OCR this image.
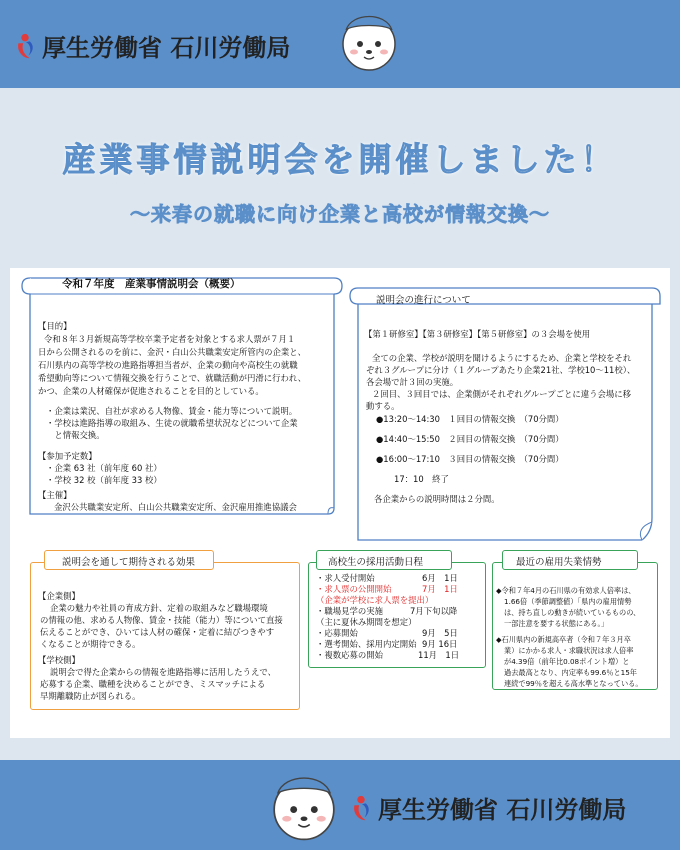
厚生労働省 石川労働局
産業事情説明会を開催しました！
～来春の就職に向け企業と高校が情報交換～
令和７年度　産業事情説明会（概要）
【目的】
令和８年３月新規高等学校卒業予定者を対象とする求人票が７月１
日から公開されるのを前に、金沢・白山公共職業安定所管内の企業と、
石川県内の高等学校の進路指導担当者が、企業の動向や高校生の就職
希望動向等について情報交換を行うことで、就職活動が円滑に行われ、
かつ、企業の人材確保が促進されることを目的としている。
・企業は業況、自社が求める人物像、賃金・能力等について説明。
・学校は進路指導の取組み、生徒の就職希望状況などについて企業
　と情報交換。
【参加予定数】
・企業 63 社（前年度 60 社）
・学校 32 校（前年度 33 校）
【主催】
金沢公共職業安定所、白山公共職業安定所、金沢雇用推進協議会
説明会の進行について
【第１研修室】【第３研修室】【第５研修室】の３会場を使用
全ての企業、学校が説明を聞けるようにするため、企業と学校をそれ
ぞれ３グループに分け（１グループあたり企業21社、学校10～11校）、
各会場で計３回の実施。
２回目、３回目では、企業側がそれぞれグループごとに違う会場に移
動する。
●13:20～14:30　１回目の情報交換　（70分間）
●14:40～15:50　２回目の情報交換　（70分間）
●16:00～17:10　３回目の情報交換　（70分間）
17：10　終了
各企業からの説明時間は２分間。
説明会を通して期待される効果
【企業側】
企業の魅力や社員の育成方針、定着の取組みなど職場環境
の情報の他、求める人物像、賃金・技能（能力）等について直接
伝えることができ、ひいては人材の確保・定着に結びつきやす
くなることが期待できる。
【学校側】
説明会で得た企業からの情報を進路指導に活用したうえで、
応募する企業、職種を決めることができ、ミスマッチによる
早期離職防止が図られる。
高校生の採用活動日程
・求人受付開始	6月　1日
・求人票の公開開始	7月　1日
（企業が学校に求人票を提出）
・職場見学の実施	7月下旬以降
（主に夏休み期間を想定）
・応募開始	9月　5日
・選考開始、採用内定開始 9月 16日
・複数応募の開始	11月　1日
最近の雇用失業情勢
◆令和７年4月の石川県の有効求人倍率は、
1.66倍（季節調整値）「県内の雇用情勢
は、持ち直しの動きが続いているものの、
一部注意を要する状態にある。」
◆石川県内の新規高卒者（令和７年３月卒
業）にかかる求人・求職状況は求人倍率
が4.39倍（前年比0.08ポイント増）と
過去最高となり、内定率も99.6％と15年
連続で99％を超える高水準となっている。
厚生労働省 石川労働局
